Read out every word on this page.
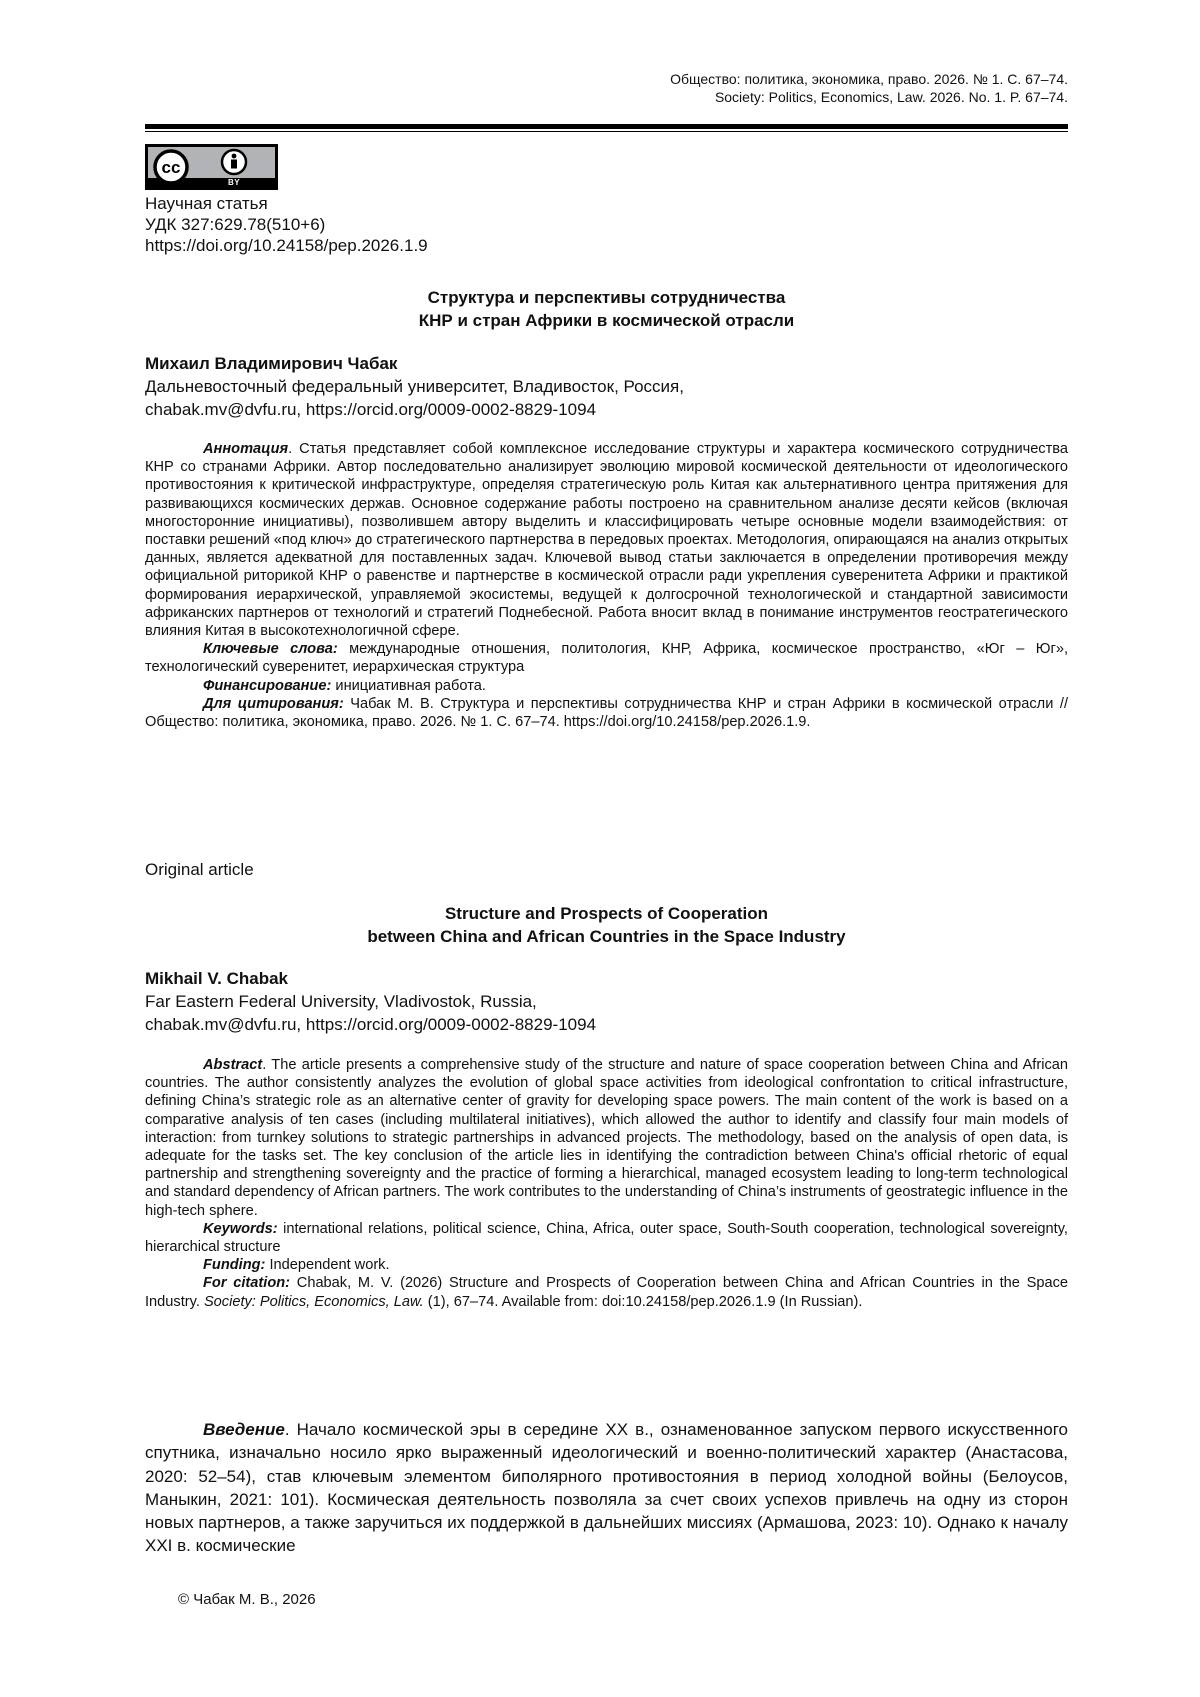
Общество: политика, экономика, право. 2026. № 1. С. 67–74.
Society: Politics, Economics, Law. 2026. No. 1. P. 67–74.
cc
BY
Научная статья
УДК 327:629.78(510+6)
https://doi.org/10.24158/pep.2026.1.9
Структура и перспективы сотрудничества
КНР и стран Африки в космической отрасли
Михаил Владимирович Чабак
Дальневосточный федеральный университет, Владивосток, Россия,
chabak.mv@dvfu.ru, https://orcid.org/0009-0002-8829-1094

Аннотация. Статья представляет собой комплексное исследование структуры и характера космического сотрудничества КНР со странами Африки. Автор последовательно анализирует эволюцию мировой космической деятельности от идеологического противостояния к критической инфраструктуре, определяя стратегическую роль Китая как альтернативного центра притяжения для развивающихся космических держав. Основное содержание работы построено на сравнительном анализе десяти кейсов (включая многосторонние инициативы), позволившем автору выделить и классифицировать четыре основные модели взаимодействия: от поставки решений «под ключ» до стратегического партнерства в передовых проектах. Методология, опирающаяся на анализ открытых данных, является адекватной для поставленных задач. Ключевой вывод статьи заключается в определении противоречия между официальной риторикой КНР о равенстве и партнерстве в космической отрасли ради укрепления суверенитета Африки и практикой формирования иерархической, управляемой экосистемы, ведущей к долгосрочной технологической и стандартной зависимости африканских партнеров от технологий и стратегий Поднебесной. Работа вносит вклад в понимание инструментов геостратегического влияния Китая в высокотехнологичной сфере.

Ключевые слова: международные отношения, политология, КНР, Африка, космическое пространство, «Юг – Юг», технологический суверенитет, иерархическая структура

Финансирование: инициативная работа.

Для цитирования: Чабак М. В. Структура и перспективы сотрудничества КНР и стран Африки в космической отрасли // Общество: политика, экономика, право. 2026. № 1. С. 67–74. https://doi.org/10.24158/pep.2026.1.9.

Original article
Structure and Prospects of Cooperation
between China and African Countries in the Space Industry
Mikhail V. Chabak
Far Eastern Federal University, Vladivostok, Russia,
chabak.mv@dvfu.ru, https://orcid.org/0009-0002-8829-1094

Abstract. The article presents a comprehensive study of the structure and nature of space cooperation between China and African countries. The author consistently analyzes the evolution of global space activities from ideological confrontation to critical infrastructure, defining China’s strategic role as an alternative center of gravity for developing space powers. The main content of the work is based on a comparative analysis of ten cases (including multilateral initiatives), which allowed the author to identify and classify four main models of interaction: from turnkey solutions to strategic partnerships in advanced projects. The methodology, based on the analysis of open data, is adequate for the tasks set. The key conclusion of the article lies in identifying the contradiction between China's official rhetoric of equal partnership and strengthening sovereignty and the practice of forming a hierarchical, managed ecosystem leading to long-term technological and standard dependency of African partners. The work contributes to the understanding of China’s instruments of geostrategic influence in the high-tech sphere.

Keywords: international relations, political science, China, Africa, outer space, South-South cooperation, technological sovereignty, hierarchical structure

Funding: Independent work.

For citation: Chabak, M. V. (2026) Structure and Prospects of Cooperation between China and African Countries in the Space Industry. Society: Politics, Economics, Law. (1), 67–74. Available from: doi:10.24158/pep.2026.1.9 (In Russian).

Введение. Начало космической эры в середине XX в., ознаменованное запуском первого искусственного спутника, изначально носило ярко выраженный идеологический и военно-политический характер (Анастасова, 2020: 52–54), став ключевым элементом биполярного противостояния в период холодной войны (Белоусов, Маныкин, 2021: 101). Космическая деятельность позволяла за счет своих успехов привлечь на одну из сторон новых партнеров, а также заручиться их поддержкой в дальнейших миссиях (Армашова, 2023: 10). Однако к началу XXI в. космические

© Чабак М. В., 2026
